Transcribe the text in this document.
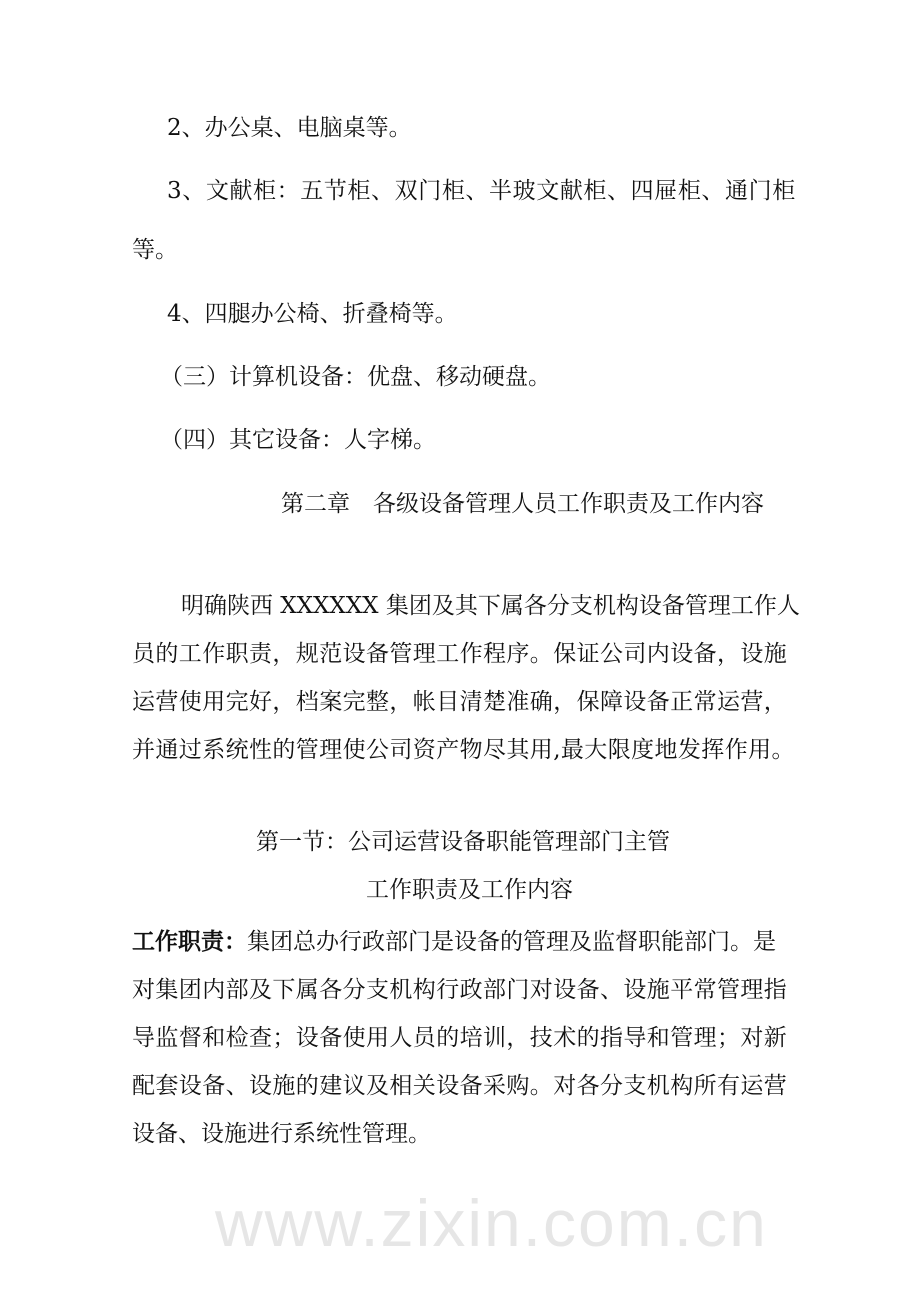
www.zixin.com.cn
2、办公桌、电脑桌等。
3、文献柜：五节柜、双门柜、半玻文献柜、四屉柜、通门柜
等。
4、四腿办公椅、折叠椅等。
（三）计算机设备：优盘、移动硬盘。
（四）其它设备：人字梯。
第二章　各级设备管理人员工作职责及工作内容
明确陕西 XXXXXX 集团及其下属各分支机构设备管理工作人
员的工作职责，规范设备管理工作程序。保证公司内设备，设施
运营使用完好，档案完整，帐目清楚准确，保障设备正常运营，
并通过系统性的管理使公司资产物尽其用,最大限度地发挥作用。
第一节：公司运营设备职能管理部门主管
工作职责及工作内容
工作职责：集团总办行政部门是设备的管理及监督职能部门。是
对集团内部及下属各分支机构行政部门对设备、设施平常管理指
导监督和检查；设备使用人员的培训，技术的指导和管理；对新
配套设备、设施的建议及相关设备采购。对各分支机构所有运营
设备、设施进行系统性管理。
